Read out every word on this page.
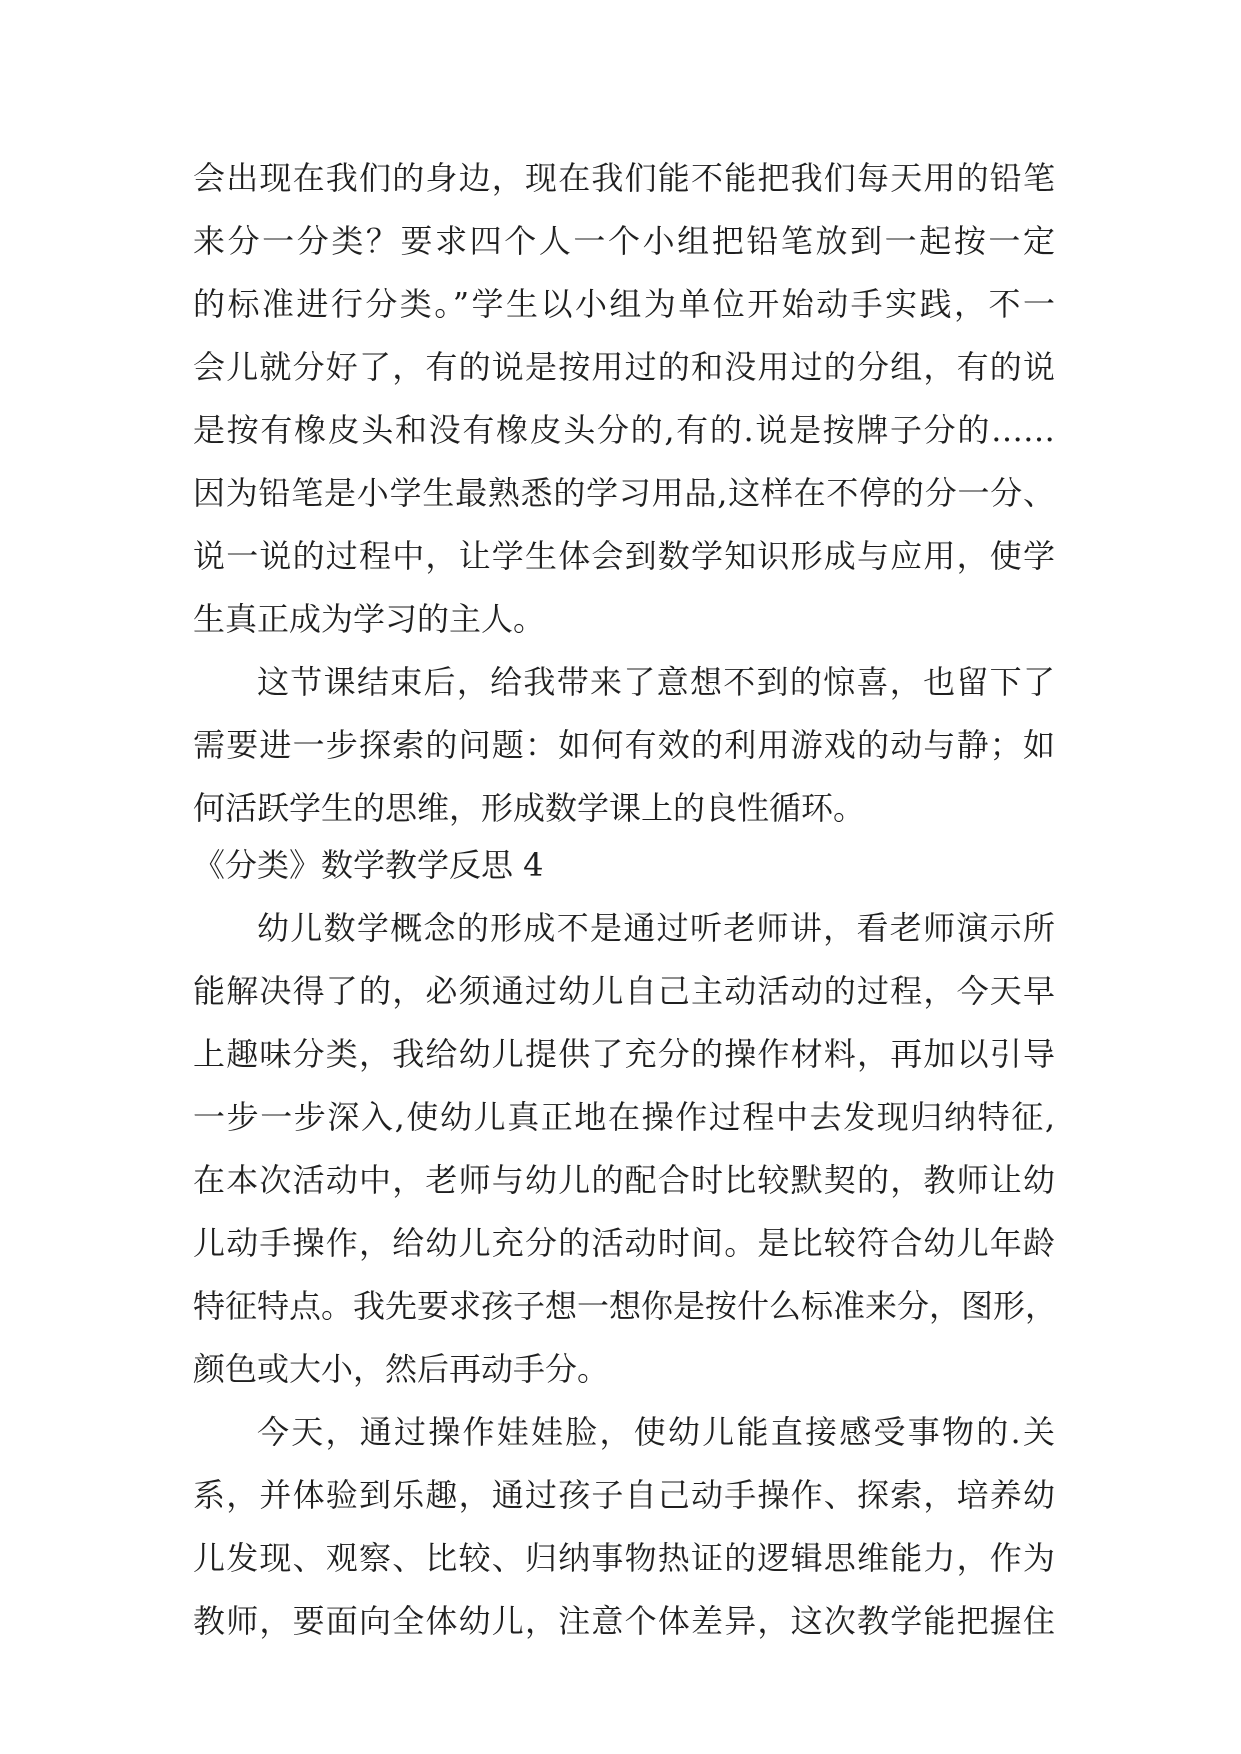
会出现在我们的身边，现在我们能不能把我们每天用的铅笔
来分一分类？要求四个人一个小组把铅笔放到一起按一定
的标准进行分类。”学生以小组为单位开始动手实践，不一
会儿就分好了，有的说是按用过的和没用过的分组，有的说
是按有橡皮头和没有橡皮头分的,有的.说是按牌子分的……
因为铅笔是小学生最熟悉的学习用品,这样在不停的分一分、
说一说的过程中，让学生体会到数学知识形成与应用，使学
生真正成为学习的主人。
这节课结束后，给我带来了意想不到的惊喜，也留下了
需要进一步探索的问题：如何有效的利用游戏的动与静；如
何活跃学生的思维，形成数学课上的良性循环。
《分类》数学教学反思 4
幼儿数学概念的形成不是通过听老师讲，看老师演示所
能解决得了的，必须通过幼儿自己主动活动的过程，今天早
上趣味分类，我给幼儿提供了充分的操作材料，再加以引导
一步一步深入,使幼儿真正地在操作过程中去发现归纳特征,
在本次活动中，老师与幼儿的配合时比较默契的，教师让幼
儿动手操作，给幼儿充分的活动时间。是比较符合幼儿年龄
特征特点。我先要求孩子想一想你是按什么标准来分，图形，
颜色或大小，然后再动手分。
今天，通过操作娃娃脸，使幼儿能直接感受事物的.关
系，并体验到乐趣，通过孩子自己动手操作、探索，培养幼
儿发现、观察、比较、归纳事物热证的逻辑思维能力，作为
教师，要面向全体幼儿，注意个体差异，这次教学能把握住
